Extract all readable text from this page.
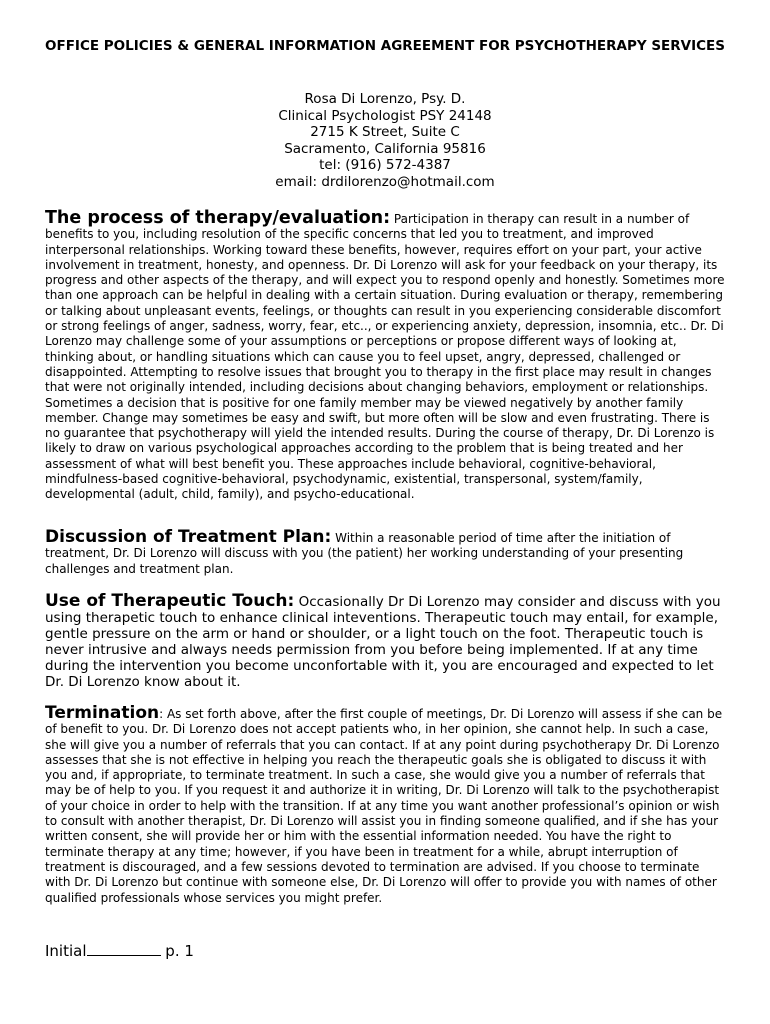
OFFICE POLICIES & GENERAL INFORMATION AGREEMENT FOR PSYCHOTHERAPY SERVICES
Rosa Di Lorenzo, Psy. D.
Clinical Psychologist PSY 24148
2715 K Street, Suite C
Sacramento, California 95816
tel: (916) 572-4387
email: drdilorenzo@hotmail.com
The process of therapy/evaluation: Participation in therapy can result in a number of benefits to you, including resolution of the specific concerns that led you to treatment, and improved interpersonal relationships. Working toward these benefits, however, requires effort on your part, your active involvement in treatment, honesty, and openness. Dr. Di Lorenzo will ask for your feedback on your therapy, its progress and other aspects of the therapy, and will expect you to respond openly and honestly. Sometimes more than one approach can be helpful in dealing with a certain situation. During evaluation or therapy, remembering or talking about unpleasant events, feelings, or thoughts can result in you experiencing considerable discomfort or strong feelings of anger, sadness, worry, fear, etc.., or experiencing anxiety, depression, insomnia, etc.. Dr. Di Lorenzo may challenge some of your assumptions or perceptions or propose different ways of looking at, thinking about, or handling situations which can cause you to feel upset, angry, depressed, challenged or disappointed. Attempting to resolve issues that brought you to therapy in the first place may result in changes that were not originally intended, including decisions about changing behaviors, employment or relationships. Sometimes a decision that is positive for one family member may be viewed negatively by another family member. Change may sometimes be easy and swift, but more often will be slow and even frustrating. There is no guarantee that psychotherapy will yield the intended results. During the course of therapy, Dr. Di Lorenzo is likely to draw on various psychological approaches according to the problem that is being treated and her assessment of what will best benefit you. These approaches include behavioral, cognitive-behavioral, mindfulness-based cognitive-behavioral, psychodynamic, existential, transpersonal, system/family, developmental (adult, child, family), and psycho-educational.
Discussion of Treatment Plan: Within a reasonable period of time after the initiation of treatment, Dr. Di Lorenzo will discuss with you (the patient) her working understanding of your presenting challenges and treatment plan.
Use of Therapeutic Touch: Occasionally Dr Di Lorenzo may consider and discuss with you using therapetic touch to enhance clinical inteventions. Therapeutic touch may entail, for example, gentle pressure on the arm or hand or shoulder, or a light touch on the foot. Therapeutic touch is never intrusive and always needs permission from you before being implemented. If at any time during the intervention you become unconfortable with it, you are encouraged and expected to let Dr. Di Lorenzo know about it.
Termination: As set forth above, after the first couple of meetings, Dr. Di Lorenzo will assess if she can be of benefit to you. Dr. Di Lorenzo does not accept patients who, in her opinion, she cannot help. In such a case, she will give you a number of referrals that you can contact. If at any point during psychotherapy Dr. Di Lorenzo assesses that she is not effective in helping you reach the therapeutic goals she is obligated to discuss it with you and, if appropriate, to terminate treatment. In such a case, she would give you a number of referrals that may be of help to you. If you request it and authorize it in writing, Dr. Di Lorenzo will talk to the psychotherapist of your choice in order to help with the transition. If at any time you want another professional’s opinion or wish to consult with another therapist, Dr. Di Lorenzo will assist you in finding someone qualified, and if she has your written consent, she will provide her or him with the essential information needed. You have the right to terminate therapy at any time; however, if you have been in treatment for a while, abrupt interruption of treatment is discouraged, and a few sessions devoted to termination are advised. If you choose to terminate with Dr. Di Lorenzo but continue with someone else, Dr. Di Lorenzo will offer to provide you with names of other qualified professionals whose services you might prefer.
Initial	p. 1
